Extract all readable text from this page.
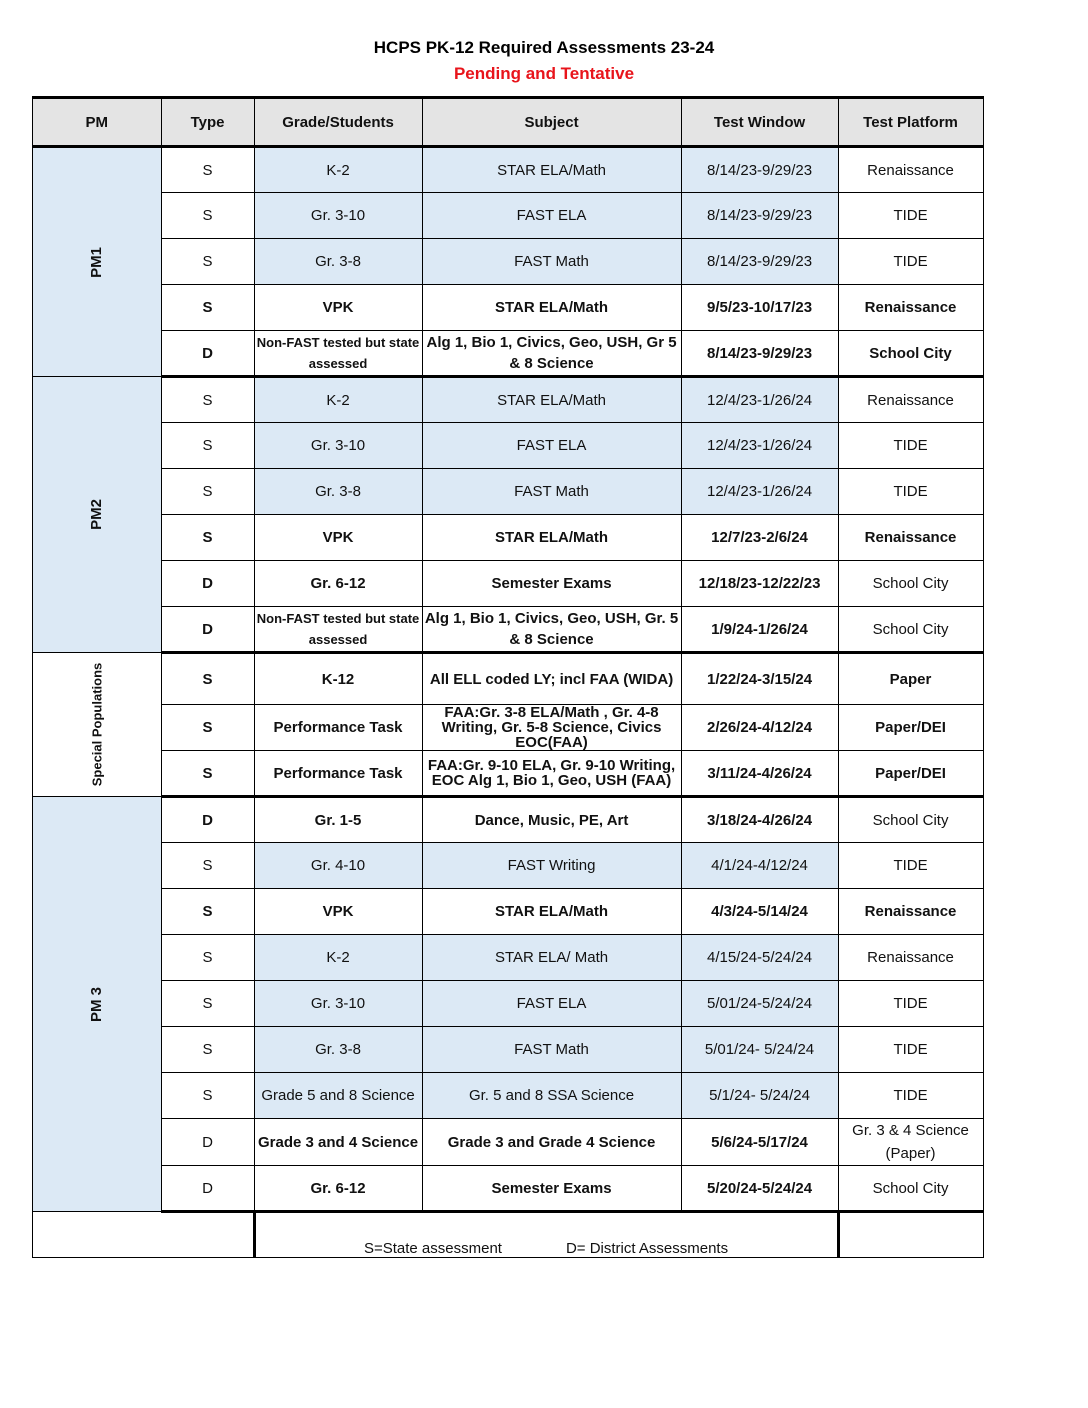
HCPS PK-12 Required Assessments 23-24
Pending and Tentative
PM	Type	Grade/Students	Subject	Test Window	Test Platform
PM1	S	K-2	STAR ELA/Math	8/14/23-9/29/23	Renaissance
	S	Gr. 3-10	FAST ELA	8/14/23-9/29/23	TIDE
	S	Gr. 3-8	FAST Math	8/14/23-9/29/23	TIDE
	S	VPK	STAR ELA/Math	9/5/23-10/17/23	Renaissance
	D	Non-FAST tested but state assessed	Alg 1, Bio 1, Civics, Geo, USH, Gr 5 & 8 Science	8/14/23-9/29/23	School City
PM2	S	K-2	STAR ELA/Math	12/4/23-1/26/24	Renaissance
	S	Gr. 3-10	FAST ELA	12/4/23-1/26/24	TIDE
	S	Gr. 3-8	FAST Math	12/4/23-1/26/24	TIDE
	S	VPK	STAR ELA/Math	12/7/23-2/6/24	Renaissance
	D	Gr. 6-12	Semester Exams	12/18/23-12/22/23	School City
	D	Non-FAST tested but state assessed	Alg 1, Bio 1, Civics, Geo, USH, Gr. 5 & 8 Science	1/9/24-1/26/24	School City
Special Populations	S	K-12	All ELL coded LY; incl FAA (WIDA)	1/22/24-3/15/24	Paper
	S	Performance Task	FAA:Gr. 3-8 ELA/Math , Gr. 4-8 Writing, Gr. 5-8 Science, Civics EOC(FAA)	2/26/24-4/12/24	Paper/DEI
	S	Performance Task	FAA:Gr. 9-10 ELA, Gr. 9-10 Writing, EOC Alg 1, Bio 1, Geo, USH (FAA)	3/11/24-4/26/24	Paper/DEI
PM 3	D	Gr. 1-5	Dance, Music, PE, Art	3/18/24-4/26/24	School City
	S	Gr. 4-10	FAST Writing	4/1/24-4/12/24	TIDE
	S	VPK	STAR ELA/Math	4/3/24-5/14/24	Renaissance
	S	K-2	STAR ELA/ Math	4/15/24-5/24/24	Renaissance
	S	Gr. 3-10	FAST ELA	5/01/24-5/24/24	TIDE
	S	Gr. 3-8	FAST Math	5/01/24- 5/24/24	TIDE
	S	Grade 5 and 8 Science	Gr. 5 and 8 SSA Science	5/1/24- 5/24/24	TIDE
	D	Grade 3 and 4 Science	Grade 3 and Grade 4 Science	5/6/24-5/17/24	Gr. 3 & 4 Science (Paper)
	D	Gr. 6-12	Semester Exams	5/20/24-5/24/24	School City

		S=State assessment D= District Assessments			
